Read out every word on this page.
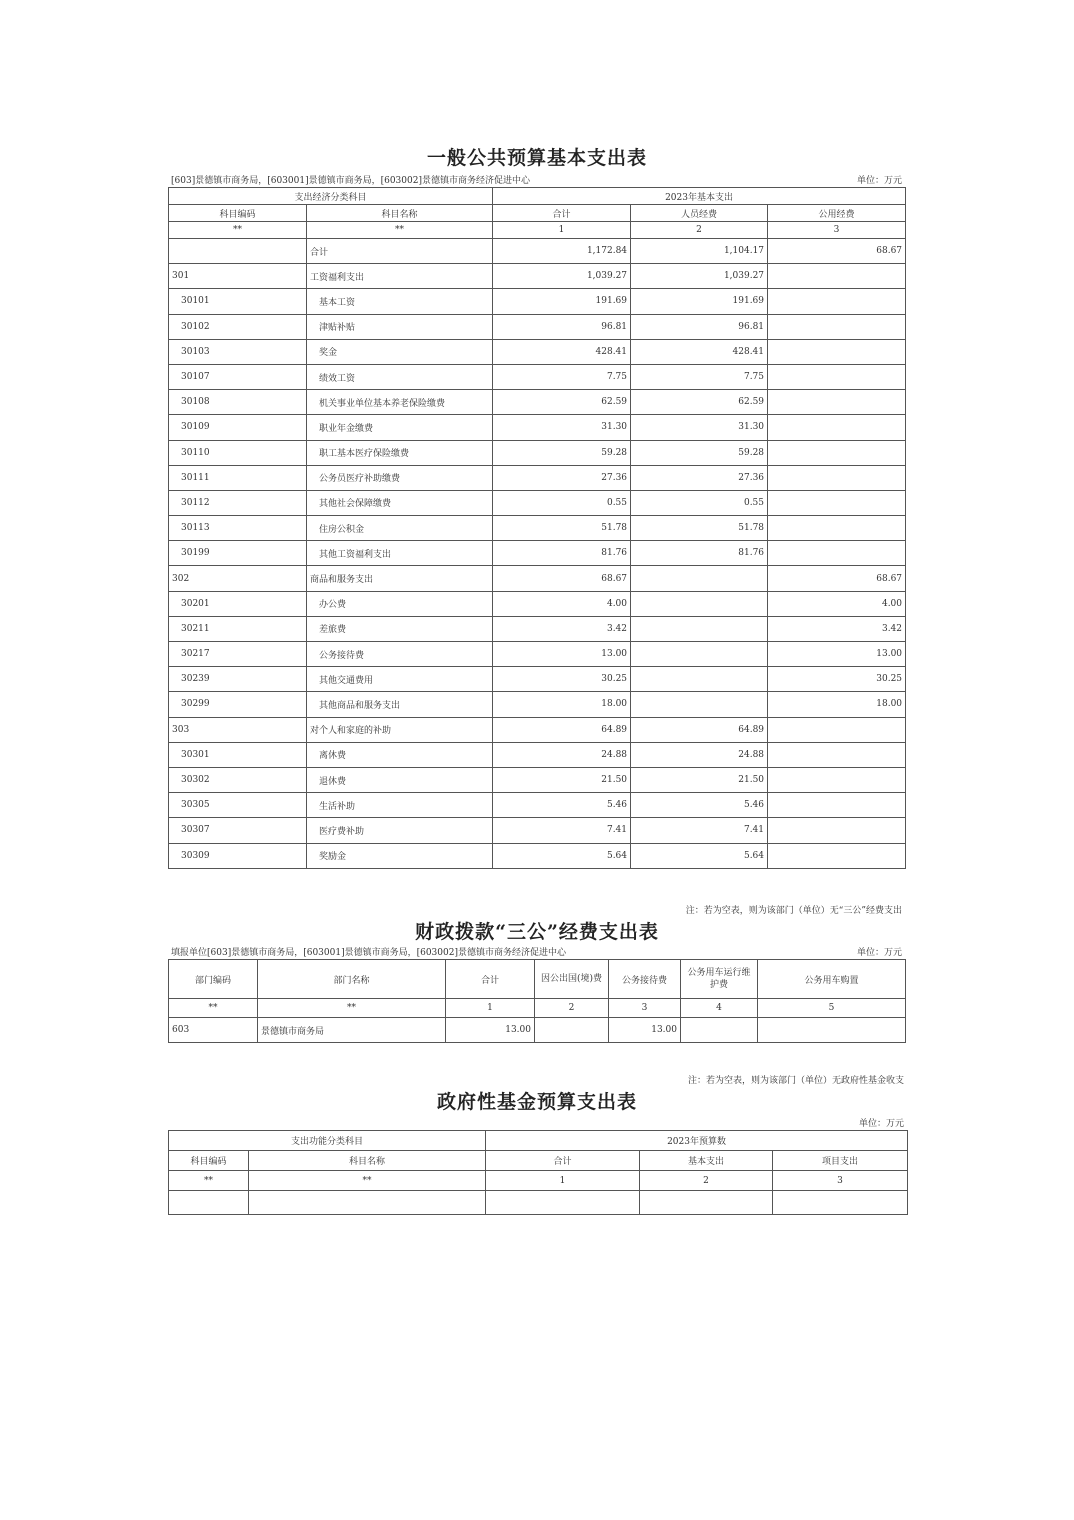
一般公共预算基本支出表
[603]景德镇市商务局，[603001]景德镇市商务局，[603002]景德镇市商务经济促进中心	单位：万元
支出经济分类科目		2023年基本支出		
科目编码	科目名称	合计	人员经费	公用经费
**	**	1	2	3
	合计	1,172.84	1,104.17	68.67
301	工资福利支出	1,039.27	1,039.27	
30101	基本工资	191.69	191.69	
30102	津贴补贴	96.81	96.81	
30103	奖金	428.41	428.41	
30107	绩效工资	7.75	7.75	
30108	机关事业单位基本养老保险缴费	62.59	62.59	
30109	职业年金缴费	31.30	31.30	
30110	职工基本医疗保险缴费	59.28	59.28	
30111	公务员医疗补助缴费	27.36	27.36	
30112	其他社会保障缴费	0.55	0.55	
30113	住房公积金	51.78	51.78	
30199	其他工资福利支出	81.76	81.76	
302	商品和服务支出	68.67		68.67
30201	办公费	4.00		4.00
30211	差旅费	3.42		3.42
30217	公务接待费	13.00		13.00
30239	其他交通费用	30.25		30.25
30299	其他商品和服务支出	18.00		18.00
303	对个人和家庭的补助	64.89	64.89	
30301	离休费	24.88	24.88	
30302	退休费	21.50	21.50	
30305	生活补助	5.46	5.46	
30307	医疗费补助	7.41	7.41	
30309	奖励金	5.64	5.64	
注：若为空表，则为该部门（单位）无“三公”经费支出
财政拨款“三公”经费支出表
填报单位[603]景德镇市商务局，[603001]景德镇市商务局，[603002]景德镇市商务经济促进中心	单位：万元
部门编码	部门名称	合计	因公出国(境)费	公务接待费	公务用车运行维护费	公务用车购置
**	**	1	2	3	4	5
603	景德镇市商务局	13.00		13.00		
注：若为空表，则为该部门（单位）无政府性基金收支
政府性基金预算支出表
单位：万元
支出功能分类科目		2023年预算数		
科目编码	科目名称	合计	基本支出	项目支出
**	**	1	2	3
